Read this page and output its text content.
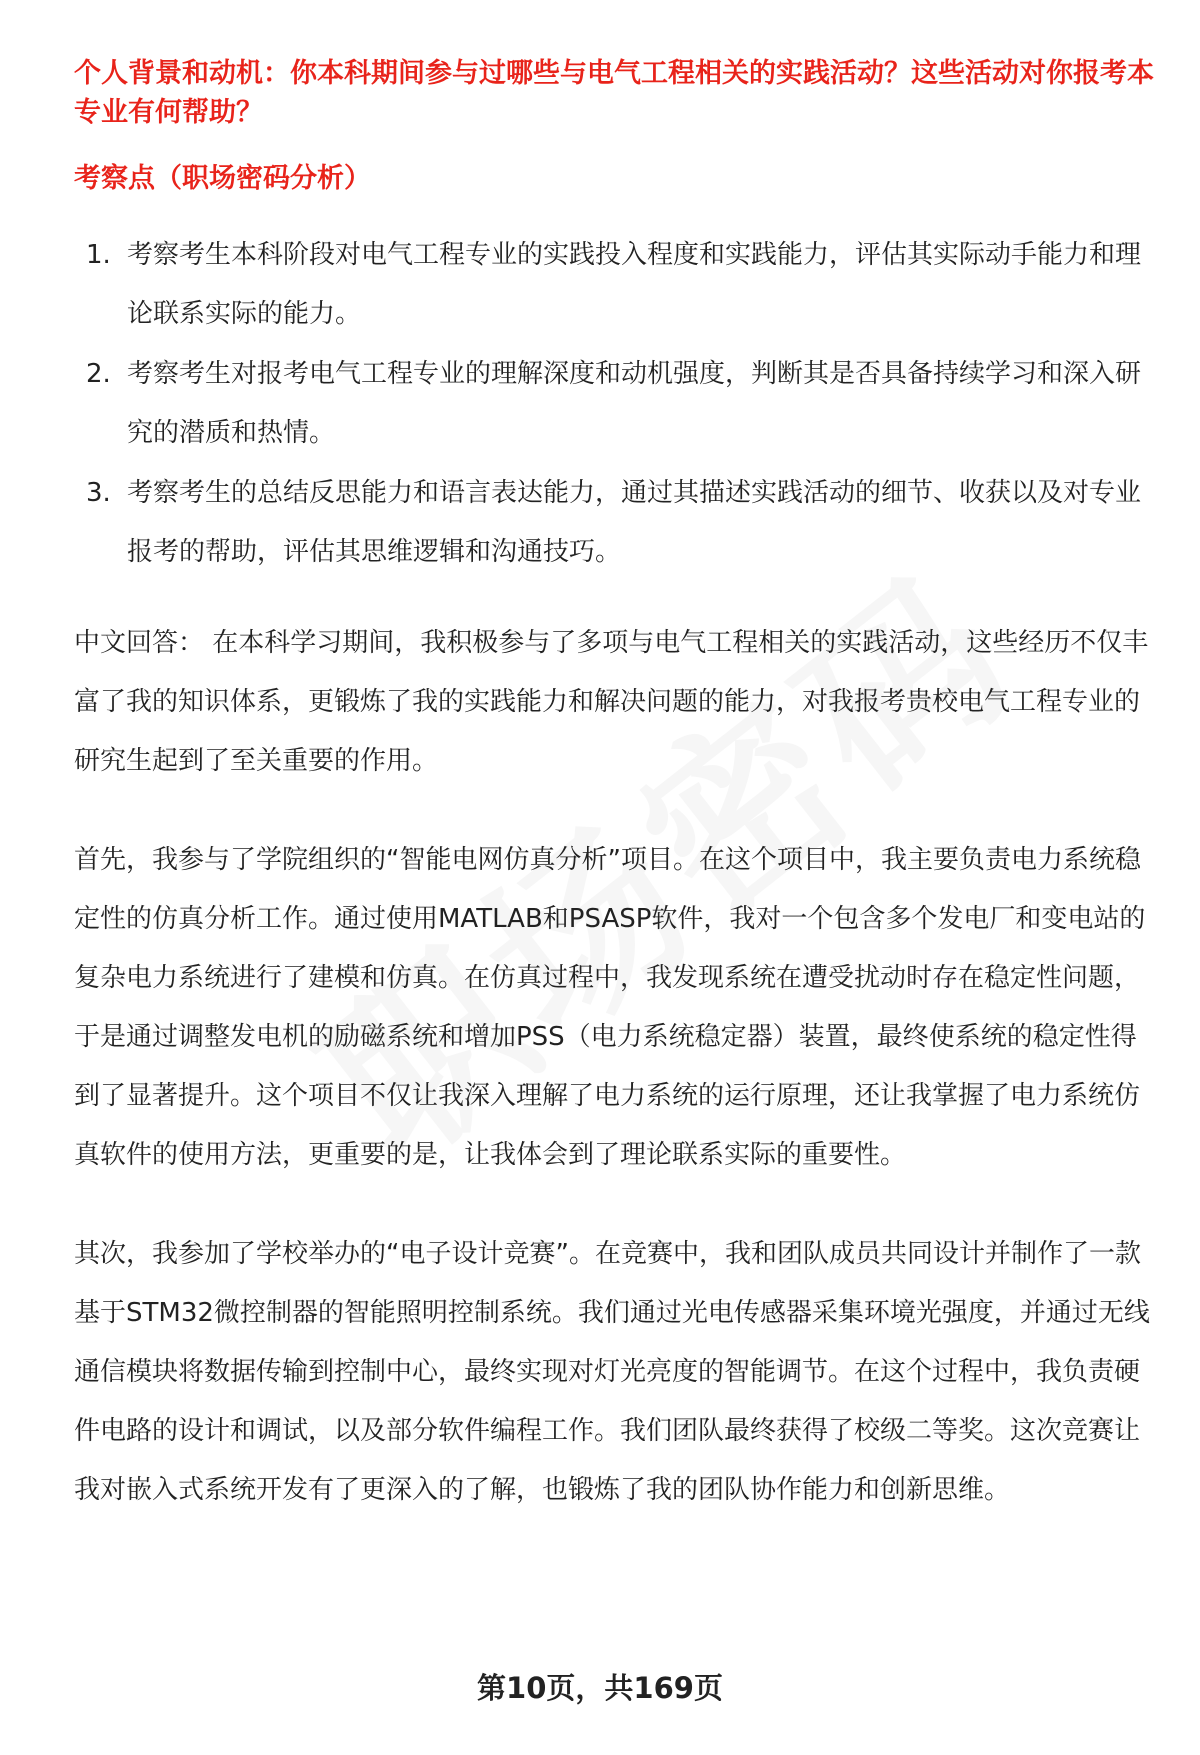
个人背景和动机：你本科期间参与过哪些与电气工程相关的实践活动？这些活动对你报考本专业有何帮助？

考察点（职场密码分析）

1. 考察考生本科阶段对电气工程专业的实践投入程度和实践能力，评估其实际动手能力和理论联系实际的能力。
2. 考察考生对报考电气工程专业的理解深度和动机强度，判断其是否具备持续学习和深入研究的潜质和热情。
3. 考察考生的总结反思能力和语言表达能力，通过其描述实践活动的细节、收获以及对专业报考的帮助，评估其思维逻辑和沟通技巧。

中文回答： 在本科学习期间，我积极参与了多项与电气工程相关的实践活动，这些经历不仅丰富了我的知识体系，更锻炼了我的实践能力和解决问题的能力，对我报考贵校电气工程专业的研究生起到了至关重要的作用。

首先，我参与了学院组织的“智能电网仿真分析”项目。在这个项目中，我主要负责电力系统稳定性的仿真分析工作。通过使用MATLAB和PSASP软件，我对一个包含多个发电厂和变电站的复杂电力系统进行了建模和仿真。在仿真过程中，我发现系统在遭受扰动时存在稳定性问题，于是通过调整发电机的励磁系统和增加PSS（电力系统稳定器）装置，最终使系统的稳定性得到了显著提升。这个项目不仅让我深入理解了电力系统的运行原理，还让我掌握了电力系统仿真软件的使用方法，更重要的是，让我体会到了理论联系实际的重要性。

其次，我参加了学校举办的“电子设计竞赛”。在竞赛中，我和团队成员共同设计并制作了一款基于STM32微控制器的智能照明控制系统。我们通过光电传感器采集环境光强度，并通过无线通信模块将数据传输到控制中心，最终实现对灯光亮度的智能调节。在这个过程中，我负责硬件电路的设计和调试，以及部分软件编程工作。我们团队最终获得了校级二等奖。这次竞赛让我对嵌入式系统开发有了更深入的了解，也锻炼了我的团队协作能力和创新思维。

第10页，共169页
